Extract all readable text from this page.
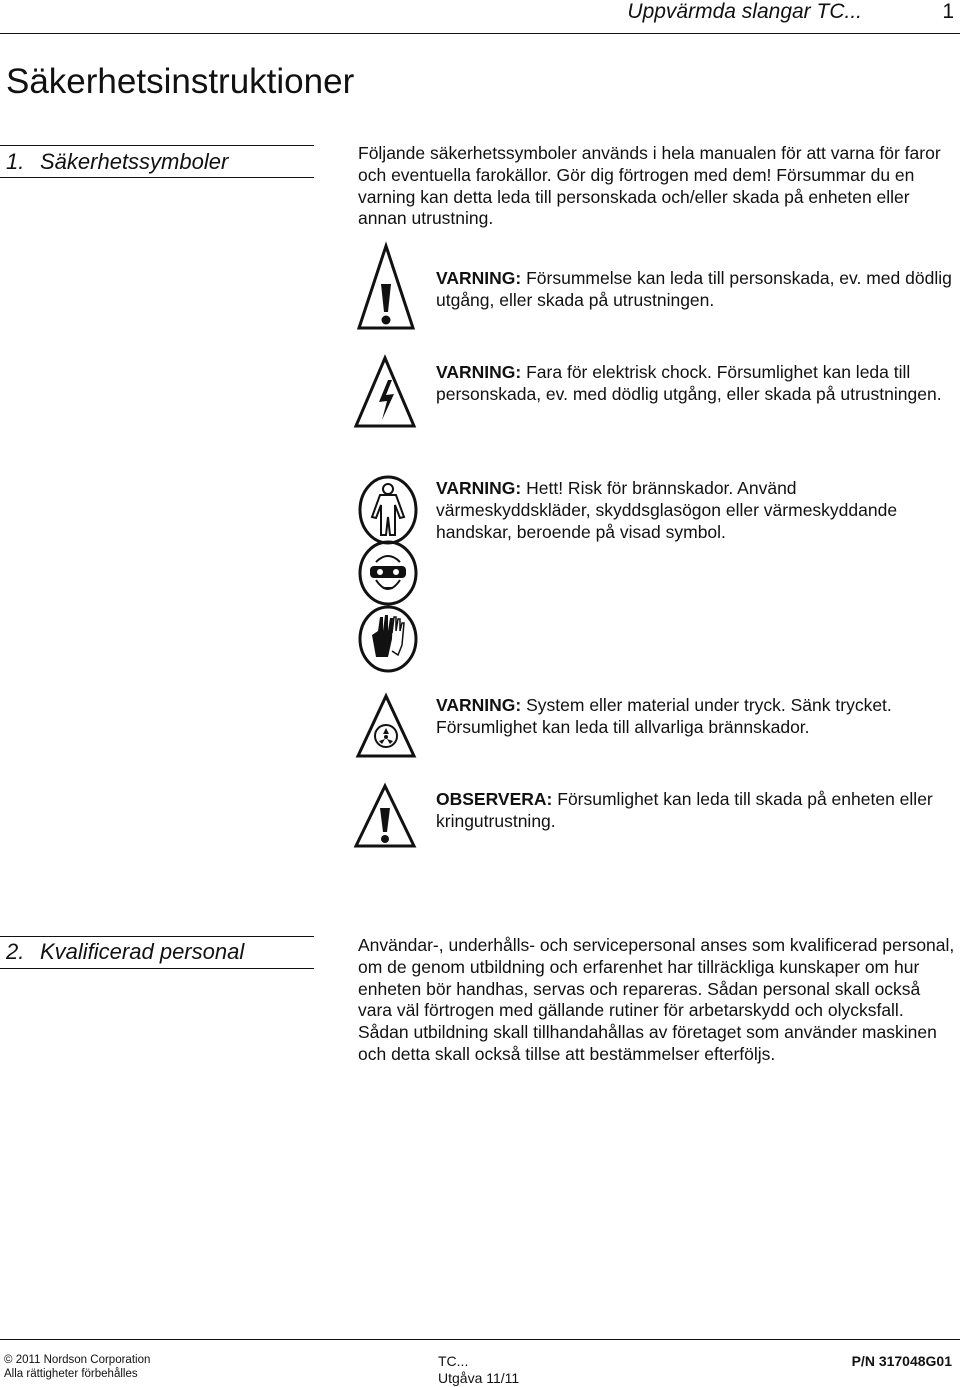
Uppvärmda slangar TC...	1
Säkerhetsinstruktioner
1. Säkerhetssymboler	Följande säkerhetssymboler används i hela manualen för att varna för faror och eventuella farokällor. Gör dig förtrogen med dem! Försummar du en varning kan detta leda till personskada och/eller skada på enheten eller annan utrustning.
VARNING: Försummelse kan leda till personskada, ev. med dödlig utgång, eller skada på utrustningen.
VARNING: Fara för elektrisk chock. Försumlighet kan leda till personskada, ev. med dödlig utgång, eller skada på utrustningen.
VARNING: Hett! Risk för brännskador. Använd värmeskyddskläder, skyddsglasögon eller värmeskyddande handskar, beroende på visad symbol.
VARNING: System eller material under tryck. Sänk trycket. Försumlighet kan leda till allvarliga brännskador.
OBSERVERA: Försumlighet kan leda till skada på enheten eller kringutrustning.
2. Kvalificerad personal	Användar-, underhålls- och servicepersonal anses som kvalificerad personal, om de genom utbildning och erfarenhet har tillräckliga kunskaper om hur enheten bör handhas, servas och repareras. Sådan personal skall också vara väl förtrogen med gällande rutiner för arbetarskydd och olycksfall. Sådan utbildning skall tillhandahållas av företaget som använder maskinen och detta skall också tillse att bestämmelser efterföljs.
© 2011 Nordson Corporation
Alla rättigheter förbehålles
TC...
Utgåva 11/11
P/N 317048G01
